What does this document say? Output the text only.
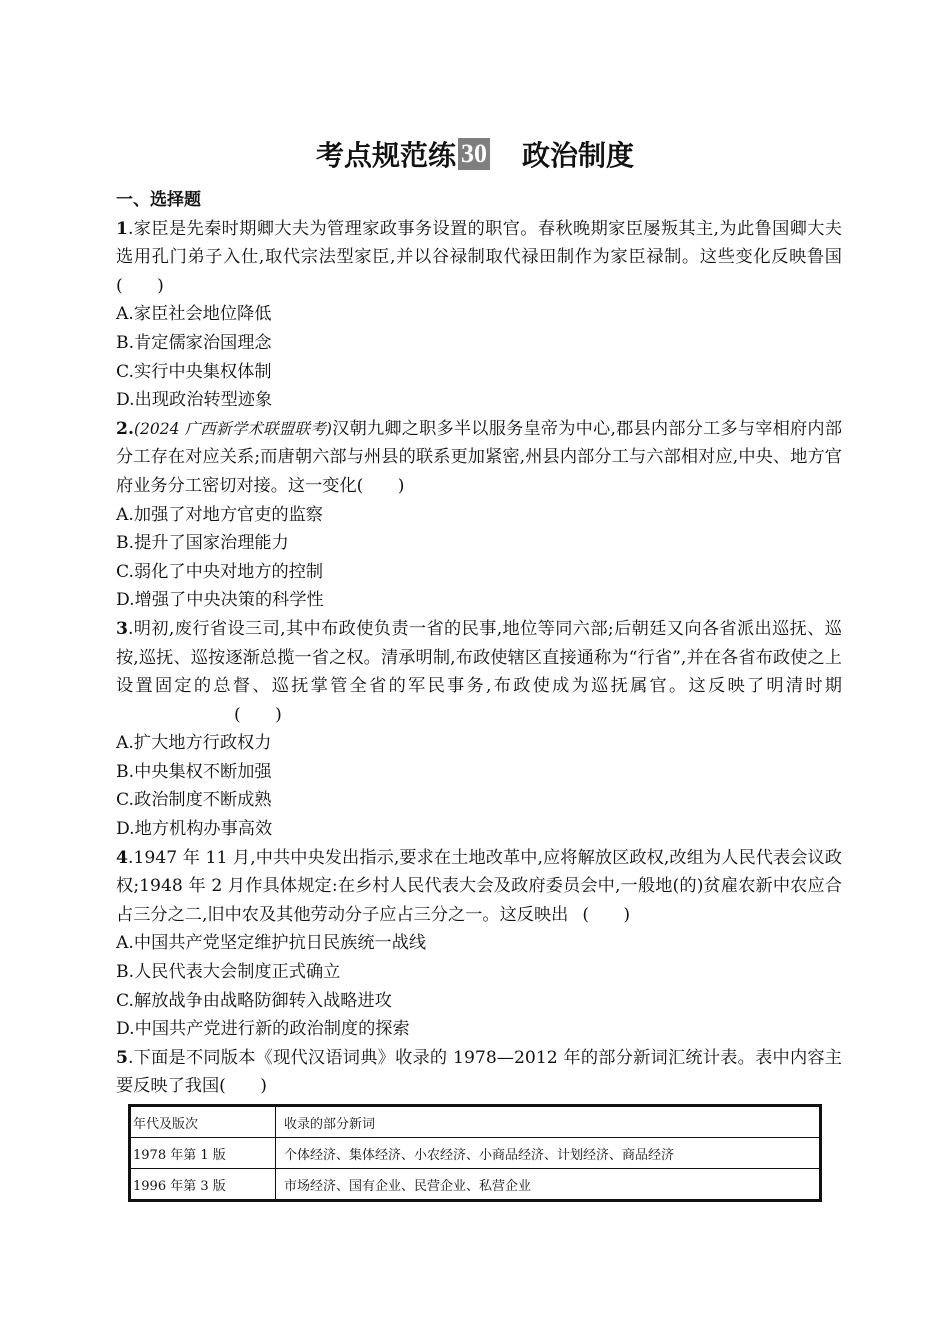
考点规范练 30 政治制度
一、选择题

1.家臣是先秦时期卿大夫为管理家政事务设置的职官。春秋晚期家臣屡叛其主,为此鲁国卿大夫选用孔门弟子入仕,取代宗法型家臣,并以谷禄制取代禄田制作为家臣禄制。这些变化反映鲁国(　　)

A.家臣社会地位降低

B.肯定儒家治国理念

C.实行中央集权体制

D.出现政治转型迹象

2.(2024 广西新学术联盟联考)汉朝九卿之职多半以服务皇帝为中心,郡县内部分工多与宰相府内部分工存在对应关系;而唐朝六部与州县的联系更加紧密,州县内部分工与六部相对应,中央、地方官府业务分工密切对接。这一变化(　　)

A.加强了对地方官吏的监察

B.提升了国家治理能力

C.弱化了中央对地方的控制

D.增强了中央决策的科学性

3.明初,废行省设三司,其中布政使负责一省的民事,地位等同六部;后朝廷又向各省派出巡抚、巡按,巡抚、巡按逐渐总揽一省之权。清承明制,布政使辖区直接通称为“行省”,并在各省布政使之上设置固定的总督、巡抚掌管全省的军民事务,布政使成为巡抚属官。这反映了明清时期(　　)

A.扩大地方行政权力

B.中央集权不断加强

C.政治制度不断成熟

D.地方机构办事高效

4.1947 年 11 月,中共中央发出指示,要求在土地改革中,应将解放区政权,改组为人民代表会议政权;1948 年 2 月作具体规定:在乡村人民代表大会及政府委员会中,一般地(的)贫雇农新中农应合占三分之二,旧中农及其他劳动分子应占三分之一。这反映出 (　　)

A.中国共产党坚定维护抗日民族统一战线

B.人民代表大会制度正式确立

C.解放战争由战略防御转入战略进攻

D.中国共产党进行新的政治制度的探索

5.下面是不同版本《现代汉语词典》收录的 1978—2012 年的部分新词汇统计表。表中内容主要反映了我国(　　)

年代及版次	收录的部分新词
1978 年第 1 版	个体经济、集体经济、小农经济、小商品经济、计划经济、商品经济
1996 年第 3 版	市场经济、国有企业、民营企业、私营企业
